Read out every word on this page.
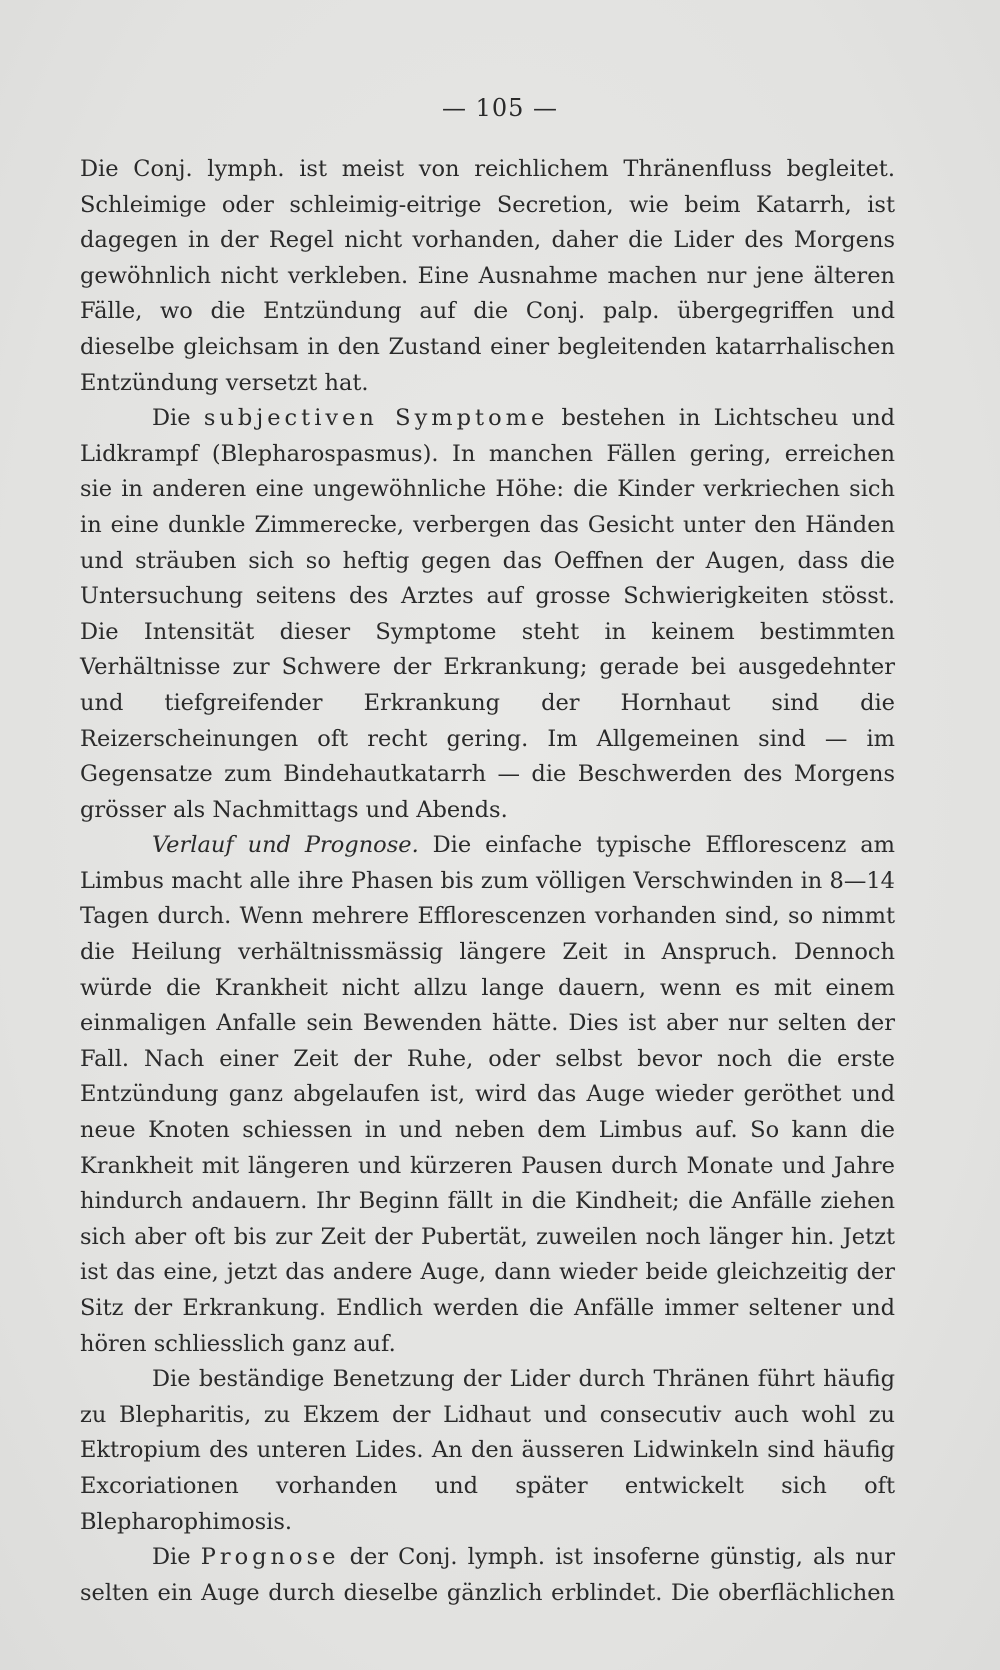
— 105 —

Die Conj. lymph. ist meist von reichlichem Thränenfluss begleitet. Schleimige oder schleimig-eitrige Secretion, wie beim Katarrh, ist dagegen in der Regel nicht vorhanden, daher die Lider des Morgens gewöhnlich nicht verkleben. Eine Ausnahme machen nur jene älteren Fälle, wo die Entzündung auf die Conj. palp. übergegriffen und dieselbe gleichsam in den Zustand einer begleitenden katarrhalischen Entzündung versetzt hat.

Die subjectiven Symptome bestehen in Lichtscheu und Lidkrampf (Blepharospasmus). In manchen Fällen gering, erreichen sie in anderen eine ungewöhnliche Höhe: die Kinder verkriechen sich in eine dunkle Zimmerecke, verbergen das Gesicht unter den Händen und sträuben sich so heftig gegen das Oeffnen der Augen, dass die Untersuchung seitens des Arztes auf grosse Schwierigkeiten stösst. Die Intensität dieser Symptome steht in keinem bestimmten Verhältnisse zur Schwere der Erkrankung; gerade bei ausgedehnter und tiefgreifender Erkrankung der Hornhaut sind die Reizerscheinungen oft recht gering. Im Allgemeinen sind — im Gegensatze zum Bindehautkatarrh — die Beschwerden des Morgens grösser als Nachmittags und Abends.

Verlauf und Prognose. Die einfache typische Efflorescenz am Limbus macht alle ihre Phasen bis zum völligen Verschwinden in 8—14 Tagen durch. Wenn mehrere Efflorescenzen vorhanden sind, so nimmt die Heilung verhältnissmässig längere Zeit in Anspruch. Dennoch würde die Krankheit nicht allzu lange dauern, wenn es mit einem einmaligen Anfalle sein Bewenden hätte. Dies ist aber nur selten der Fall. Nach einer Zeit der Ruhe, oder selbst bevor noch die erste Entzündung ganz abgelaufen ist, wird das Auge wieder geröthet und neue Knoten schiessen in und neben dem Limbus auf. So kann die Krankheit mit längeren und kürzeren Pausen durch Monate und Jahre hindurch andauern. Ihr Beginn fällt in die Kindheit; die Anfälle ziehen sich aber oft bis zur Zeit der Pubertät, zuweilen noch länger hin. Jetzt ist das eine, jetzt das andere Auge, dann wieder beide gleichzeitig der Sitz der Erkrankung. Endlich werden die Anfälle immer seltener und hören schliesslich ganz auf.

Die beständige Benetzung der Lider durch Thränen führt häufig zu Blepharitis, zu Ekzem der Lidhaut und consecutiv auch wohl zu Ektropium des unteren Lides. An den äusseren Lidwinkeln sind häufig Excoriationen vorhanden und später entwickelt sich oft Blepharophimosis.

Die Prognose der Conj. lymph. ist insoferne günstig, als nur selten ein Auge durch dieselbe gänzlich erblindet. Die oberflächlichen
